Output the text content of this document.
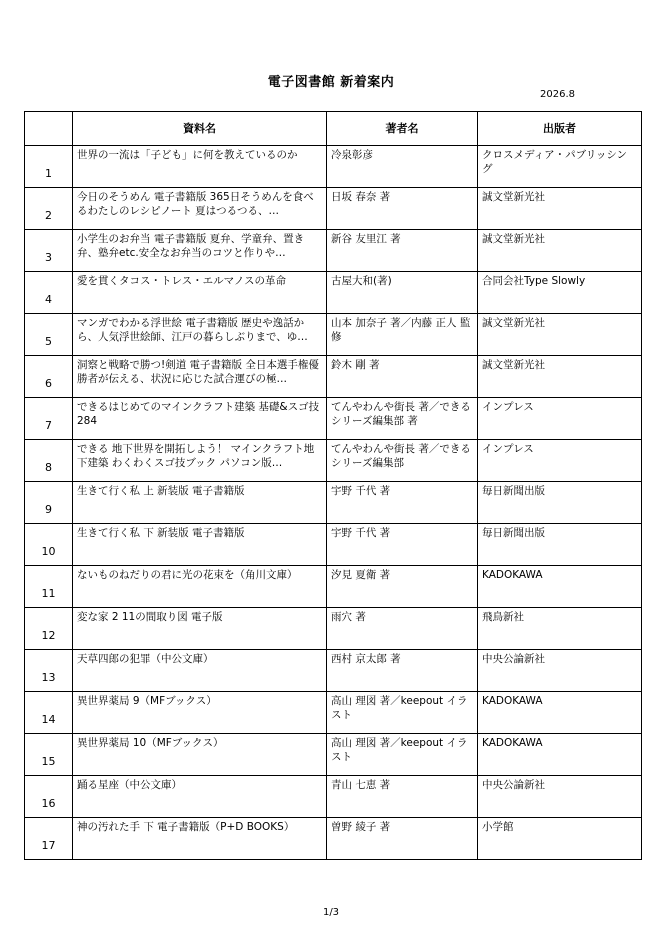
電子図書館 新着案内
2026.8
	資料名	著者名	出版者
1	世界の一流は「子ども」に何を教えているのか	冷泉彰彦	クロスメディア・パブリッシング

2	今日のそうめん 電子書籍版 365日そうめんを食べるわたしのレシピノート 夏はつるつる、…	日坂 春奈 著	誠文堂新光社

3	小学生のお弁当 電子書籍版 夏弁、学童弁、置き弁、塾弁etc.安全なお弁当のコツと作りや…	新谷 友里江 著	誠文堂新光社

4	愛を貫くタコス・トレス・エルマノスの革命	古屋大和(著)	合同会社Type Slowly

5	マンガでわかる浮世絵 電子書籍版 歴史や逸話から、人気浮世絵師、江戸の暮らしぶりまで、ゆ…	山本 加奈子 著／内藤 正人 監修	誠文堂新光社

6	洞察と戦略で勝つ!剣道 電子書籍版 全日本選手権優勝者が伝える、状況に応じた試合運びの極…	鈴木 剛 著	誠文堂新光社

7	できるはじめてのマインクラフト建築 基礎&スゴ技284	てんやわんや街長 著／できるシリーズ編集部 著	インプレス

8	できる 地下世界を開拓しよう！ マインクラフト地下建築 わくわくスゴ技ブック パソコン版…	てんやわんや街長 著／できるシリーズ編集部	インプレス

9	生きて行く私 上 新装版 電子書籍版	宇野 千代 著	毎日新聞出版

10	生きて行く私 下 新装版 電子書籍版	宇野 千代 著	毎日新聞出版

11	ないものねだりの君に光の花束を（角川文庫）	汐見 夏衛 著	KADOKAWA

12	変な家 2 11の間取り図 電子版	雨穴 著	飛鳥新社

13	天草四郎の犯罪（中公文庫）	西村 京太郎 著	中央公論新社

14	異世界薬局 9（MFブックス）	高山 理図 著／keepout イラスト	KADOKAWA

15	異世界薬局 10（MFブックス）	高山 理図 著／keepout イラスト	KADOKAWA

16	踊る星座（中公文庫）	青山 七恵 著	中央公論新社

17	神の汚れた手 下 電子書籍版（P+D BOOKS）	曽野 綾子 著	小学館
1/3
